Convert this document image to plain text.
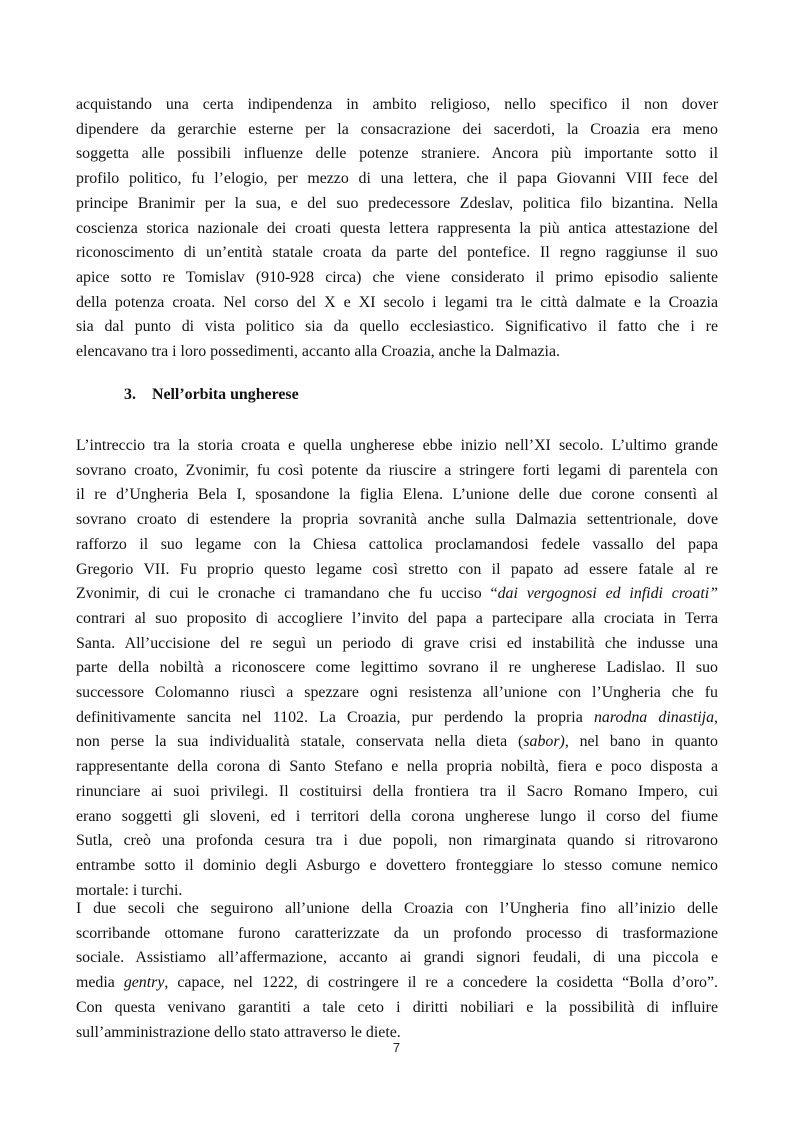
acquistando una certa indipendenza in ambito religioso, nello specifico il non dover
dipendere da gerarchie esterne per la consacrazione dei sacerdoti, la Croazia era meno
soggetta alle possibili influenze delle potenze straniere. Ancora più importante sotto il
profilo politico, fu l’elogio, per mezzo di una lettera, che il papa Giovanni VIII fece del
principe Branimir per la sua, e del suo predecessore Zdeslav, politica filo bizantina. Nella
coscienza storica nazionale dei croati questa lettera rappresenta la più antica attestazione del
riconoscimento di un’entità statale croata da parte del pontefice. Il regno raggiunse il suo
apice sotto re Tomislav (910-928 circa) che viene considerato il primo episodio saliente
della potenza croata. Nel corso del X e XI secolo i legami tra le città dalmate e la Croazia
sia dal punto di vista politico sia da quello ecclesiastico. Significativo il fatto che i re
elencavano tra i loro possedimenti, accanto alla Croazia, anche la Dalmazia.
3. Nell’orbita ungherese
L’intreccio tra la storia croata e quella ungherese ebbe inizio nell’XI secolo. L’ultimo grande
sovrano croato, Zvonimir, fu così potente da riuscire a stringere forti legami di parentela con
il re d’Ungheria Bela I, sposandone la figlia Elena. L’unione delle due corone consentì al
sovrano croato di estendere la propria sovranità anche sulla Dalmazia settentrionale, dove
rafforzo il suo legame con la Chiesa cattolica proclamandosi fedele vassallo del papa
Gregorio VII. Fu proprio questo legame così stretto con il papato ad essere fatale al re
Zvonimir, di cui le cronache ci tramandano che fu ucciso “dai vergognosi ed infidi croati”
contrari al suo proposito di accogliere l’invito del papa a partecipare alla crociata in Terra
Santa. All’uccisione del re seguì un periodo di grave crisi ed instabilità che indusse una
parte della nobiltà a riconoscere come legittimo sovrano il re ungherese Ladislao. Il suo
successore Colomanno riuscì a spezzare ogni resistenza all’unione con l’Ungheria che fu
definitivamente sancita nel 1102. La Croazia, pur perdendo la propria narodna dinastija,
non perse la sua individualità statale, conservata nella dieta (sabor), nel bano in quanto
rappresentante della corona di Santo Stefano e nella propria nobiltà, fiera e poco disposta a
rinunciare ai suoi privilegi. Il costituirsi della frontiera tra il Sacro Romano Impero, cui
erano soggetti gli sloveni, ed i territori della corona ungherese lungo il corso del fiume
Sutla, creò una profonda cesura tra i due popoli, non rimarginata quando si ritrovarono
entrambe sotto il dominio degli Asburgo e dovettero fronteggiare lo stesso comune nemico
mortale: i turchi.
I due secoli che seguirono all’unione della Croazia con l’Ungheria fino all’inizio delle
scorribande ottomane furono caratterizzate da un profondo processo di trasformazione
sociale. Assistiamo all’affermazione, accanto ai grandi signori feudali, di una piccola e
media gentry, capace, nel 1222, di costringere il re a concedere la cosidetta “Bolla d’oro”.
Con questa venivano garantiti a tale ceto i diritti nobiliari e la possibilità di influire
sull’amministrazione dello stato attraverso le diete.
7
